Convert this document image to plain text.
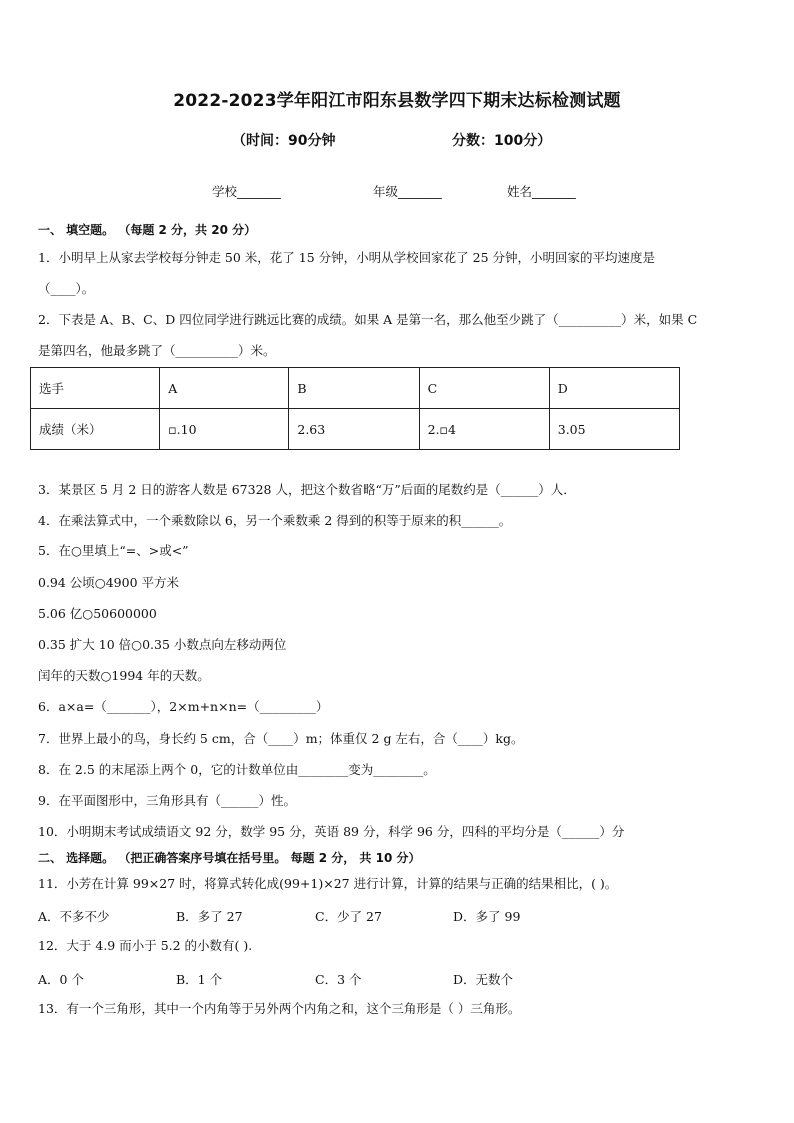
2022-2023学年阳江市阳东县数学四下期末达标检测试题
（时间：90分钟	分数：100分）
学校_______	年级_______	姓名_______
一、 填空题。 （每题 2 分，共 20 分）
1．小明早上从家去学校每分钟走 50 米，花了 15 分钟，小明从学校回家花了 25 分钟，小明回家的平均速度是
（____）。
2．下表是 A、B、C、D 四位同学进行跳远比赛的成绩。如果 A 是第一名，那么他至少跳了（__________）米，如果 C
是第四名，他最多跳了（__________）米。
选手	A	B	C	D
成绩（米）	▫.10	2.63	2.▫4	3.05
3．某景区 5 月 2 日的游客人数是 67328 人，把这个数省略“万”后面的尾数约是（______）人．
4．在乘法算式中，一个乘数除以 6，另一个乘数乘 2 得到的积等于原来的积______。
5．在○里填上“=、>或<”
0.94 公顷○4900 平方米
5.06 亿○50600000
0.35 扩大 10 倍○0.35 小数点向左移动两位
闰年的天数○1994 年的天数。
6．a×a=（_______），2×m+n×n=（_________）
7．世界上最小的鸟，身长约 5 cm，合（____）m；体重仅 2 g 左右，合（____）kg。
8．在 2.5 的末尾添上两个 0，它的计数单位由________变为________。
9．在平面图形中，三角形具有（______）性。
10．小明期末考试成绩语文 92 分，数学 95 分，英语 89 分，科学 96 分，四科的平均分是（______）分
二、 选择题。 （把正确答案序号填在括号里。 每题 2 分， 共 10 分）
11．小芳在计算 99×27 时，将算式转化成(99+1)×27 进行计算，计算的结果与正确的结果相比，( )。
A．不多不少	B．多了 27	C．少了 27	D．多了 99
12．大于 4.9 而小于 5.2 的小数有( ).
A．0 个	B．1 个	C．3 个	D．无数个
13．有一个三角形，其中一个内角等于另外两个内角之和，这个三角形是（ ）三角形。
